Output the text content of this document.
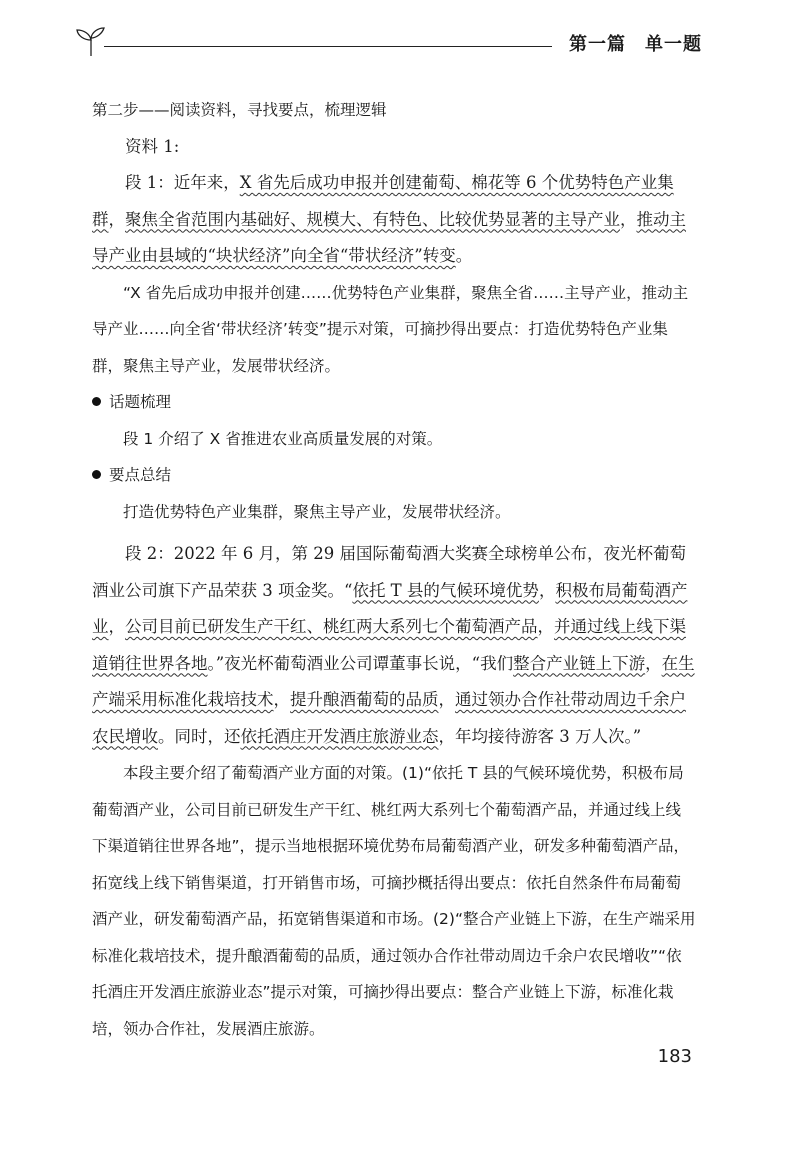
第一篇　单一题

第二步——阅读资料，寻找要点，梳理逻辑

资料 1:

段 1：近年来，X 省先后成功申报并创建葡萄、棉花等 6 个优势特色产业集群，聚焦全省范围内基础好、规模大、有特色、比较优势显著的主导产业，推动主导产业由县域的“块状经济”向全省“带状经济”转变。

“X 省先后成功申报并创建……优势特色产业集群，聚焦全省……主导产业，推动主导产业……向全省‘带状经济’转变”提示对策，可摘抄得出要点：打造优势特色产业集群，聚焦主导产业，发展带状经济。

话题梳理

段 1 介绍了 X 省推进农业高质量发展的对策。

要点总结

打造优势特色产业集群，聚焦主导产业，发展带状经济。

段 2：2022 年 6 月，第 29 届国际葡萄酒大奖赛全球榜单公布，夜光杯葡萄酒业公司旗下产品荣获 3 项金奖。“依托 T 县的气候环境优势，积极布局葡萄酒产业，公司目前已研发生产干红、桃红两大系列七个葡萄酒产品，并通过线上线下渠道销往世界各地。”夜光杯葡萄酒业公司谭董事长说，“我们整合产业链上下游，在生产端采用标准化栽培技术，提升酿酒葡萄的品质，通过领办合作社带动周边千余户农民增收。同时，还依托酒庄开发酒庄旅游业态，年均接待游客 3 万人次。”

本段主要介绍了葡萄酒产业方面的对策。(1)“依托 T 县的气候环境优势，积极布局葡萄酒产业，公司目前已研发生产干红、桃红两大系列七个葡萄酒产品，并通过线上线下渠道销往世界各地”，提示当地根据环境优势布局葡萄酒产业，研发多种葡萄酒产品，拓宽线上线下销售渠道，打开销售市场，可摘抄概括得出要点：依托自然条件布局葡萄酒产业，研发葡萄酒产品，拓宽销售渠道和市场。(2)“整合产业链上下游，在生产端采用标准化栽培技术，提升酿酒葡萄的品质，通过领办合作社带动周边千余户农民增收”“依托酒庄开发酒庄旅游业态”提示对策，可摘抄得出要点：整合产业链上下游，标准化栽培，领办合作社，发展酒庄旅游。

183
